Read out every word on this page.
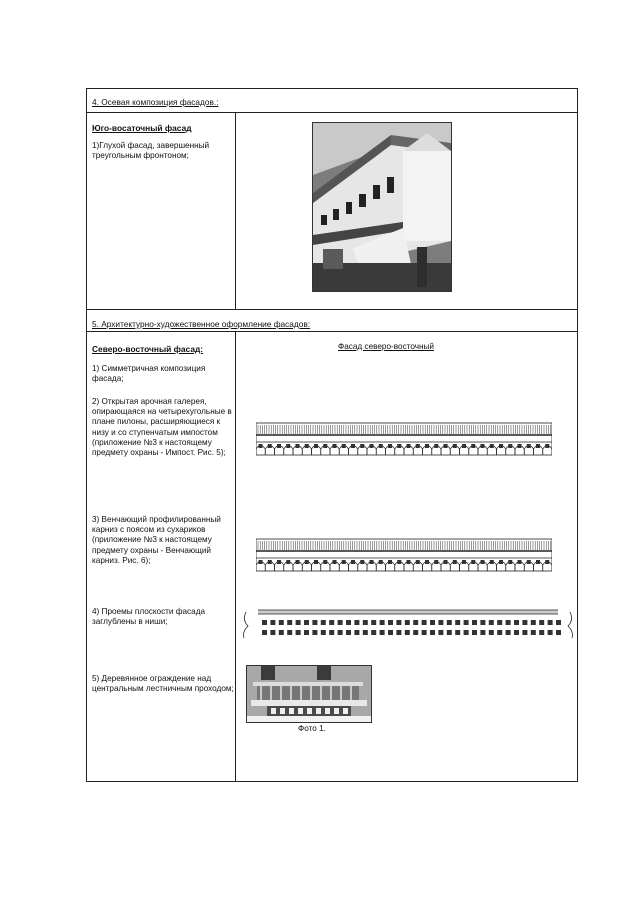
4. Осевая композиция фасадов.:

Юго-восаточный фасад

1)Глухой фасад, завершенный треугольным фронтоном;

5. Архитектурно-художественное оформление фасадов:

Северо-восточный фасад:

1) Симметричная композиция фасада;
2) Открытая арочная галерея, опирающаяся на четырехугольные в плане пилоны, расширяющиеся к низу и со ступенчатым импостом (приложение №3 к настоящему предмету охраны - Импост. Рис. 5);
3) Венчающий профилированный карниз с поясом из сухариков (приложение №3 к настоящему предмету охраны - Венчающий карниз. Рис. 6);
4) Проемы плоскости фасада заглублены в ниши;
5) Деревянное ограждение над центральным лестничным проходом;
Фасад северо-восточный
Фото 1.
